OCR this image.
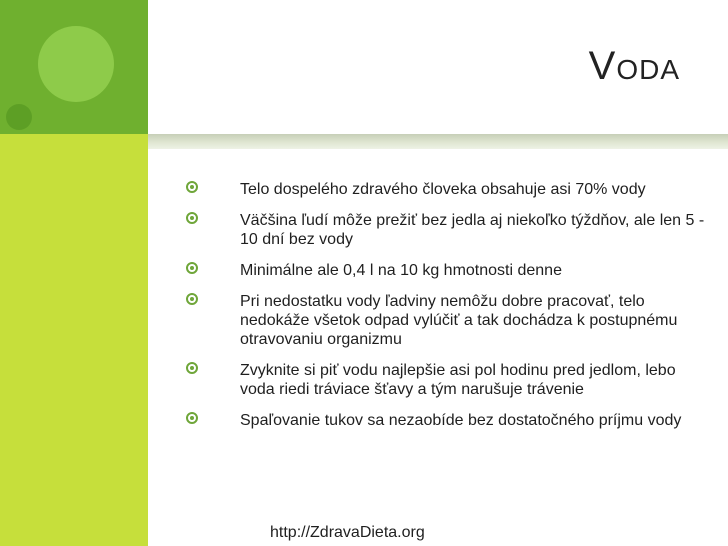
Voda
Telo dospelého zdravého človeka obsahuje asi 70% vody
Väčšina ľudí môže prežiť bez jedla aj niekoľko týždňov, ale len 5 - 10 dní bez vody
Minimálne ale 0,4 l na 10 kg hmotnosti denne
Pri nedostatku vody ľadviny nemôžu dobre pracovať, telo nedokáže všetok odpad vylúčiť a tak dochádza k postupnému otravovaniu organizmu
Zvyknite si piť vodu najlepšie asi pol hodinu pred jedlom, lebo voda riedi tráviace šťavy a tým narušuje trávenie
Spaľovanie tukov sa nezaobíde bez dostatočného príjmu vody
http://ZdravaDieta.org
